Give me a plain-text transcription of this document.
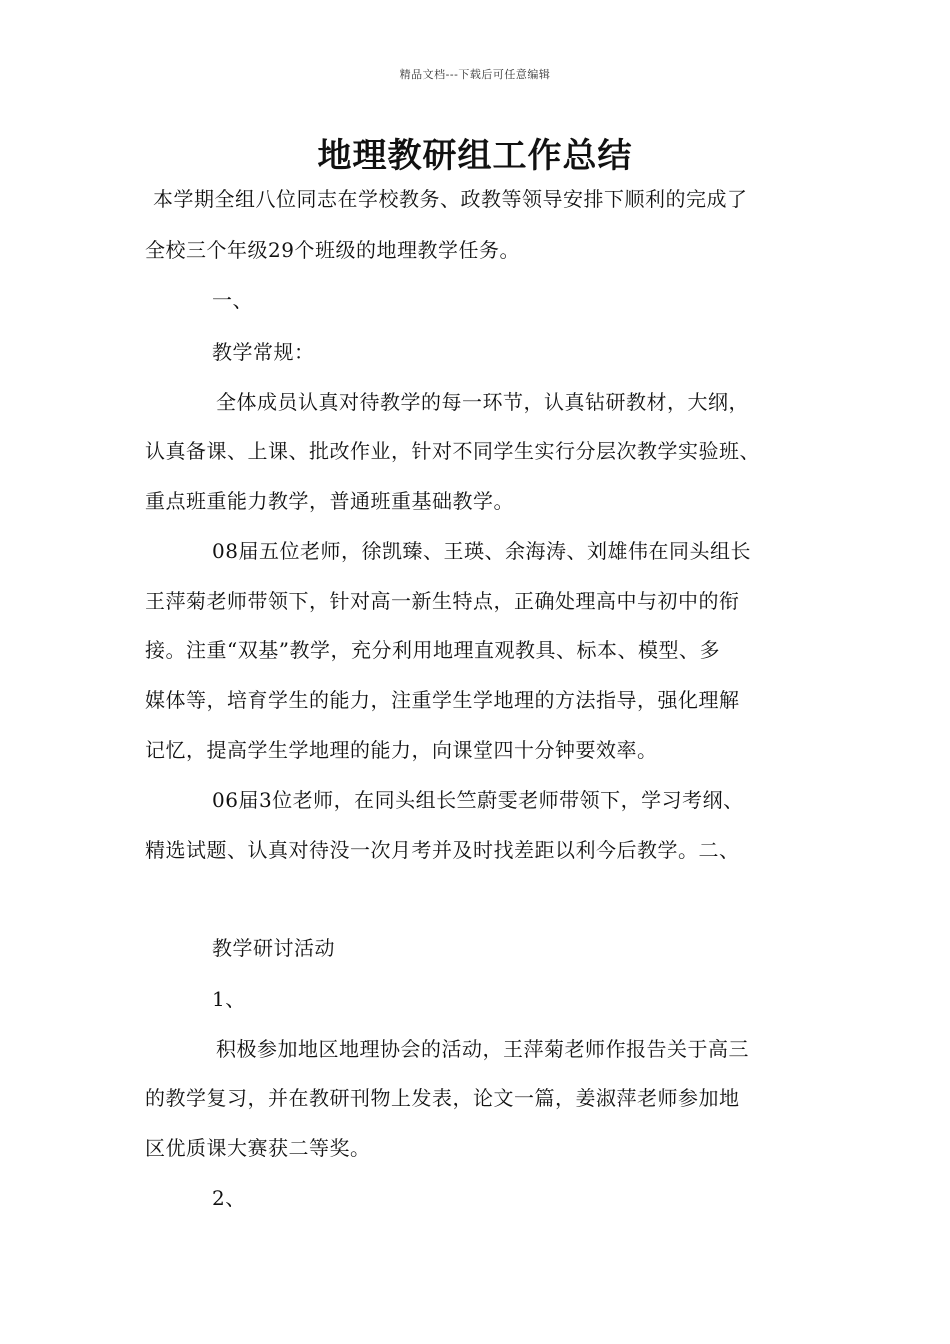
精品文档---下载后可任意编辑
地理教研组工作总结
本学期全组八位同志在学校教务、政教等领导安排下顺利的完成了
全校三个年级29个班级的地理教学任务。
一、
教学常规：
全体成员认真对待教学的每一环节，认真钻研教材，大纲，
认真备课、上课、批改作业，针对不同学生实行分层次教学实验班、
重点班重能力教学，普通班重基础教学。
08届五位老师，徐凯臻、王瑛、余海涛、刘雄伟在同头组长
王萍菊老师带领下，针对高一新生特点，正确处理高中与初中的衔
接。注重“双基”教学，充分利用地理直观教具、标本、模型、多
媒体等，培育学生的能力，注重学生学地理的方法指导，强化理解
记忆，提高学生学地理的能力，向课堂四十分钟要效率。
06届3位老师，在同头组长竺蔚雯老师带领下，学习考纲、
精选试题、认真对待没一次月考并及时找差距以利今后教学。二、
教学研讨活动
1、
积极参加地区地理协会的活动，王萍菊老师作报告关于高三
的教学复习，并在教研刊物上发表，论文一篇，姜淑萍老师参加地
区优质课大赛获二等奖。
2、
